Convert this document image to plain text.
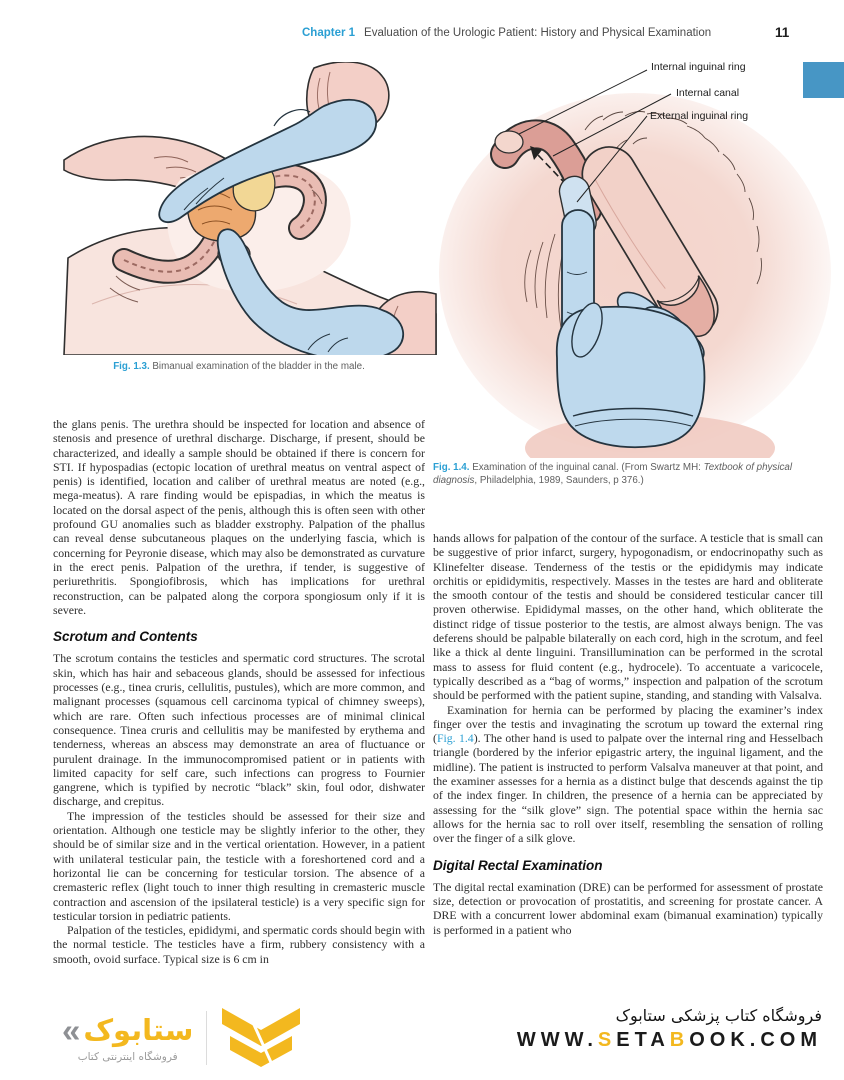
Chapter 1 Evaluation of the Urologic Patient: History and Physical Examination	11
Fig. 1.3. Bimanual examination of the bladder in the male.
Internal inguinal ring
Internal canal
External inguinal ring
Fig. 1.4. Examination of the inguinal canal. (From Swartz MH: Textbook of physical diagnosis, Philadelphia, 1989, Saunders, p 376.)

the glans penis. The urethra should be inspected for location and absence of stenosis and presence of urethral discharge. Discharge, if present, should be characterized, and ideally a sample should be obtained if there is concern for STI. If hypospadias (ectopic location of urethral meatus on ventral aspect of penis) is identified, location and caliber of urethral meatus are noted (e.g., mega-meatus). A rare finding would be epispadias, in which the meatus is located on the dorsal aspect of the penis, although this is often seen with other profound GU anomalies such as bladder exstrophy. Palpation of the phallus can reveal dense subcutaneous plaques on the underlying fascia, which is concerning for Peyronie disease, which may also be demonstrated as curvature in the erect penis. Palpation of the urethra, if tender, is suggestive of periurethritis. Spongiofibrosis, which has implications for urethral reconstruction, can be palpated along the corpora spongiosum only if it is severe.

Scrotum and Contents

The scrotum contains the testicles and spermatic cord structures. The scrotal skin, which has hair and sebaceous glands, should be assessed for infectious processes (e.g., tinea cruris, cellulitis, pustules), which are more common, and malignant processes (squamous cell carcinoma typical of chimney sweeps), which are rare. Often such infectious processes are of minimal clinical consequence. Tinea cruris and cellulitis may be manifested by erythema and tenderness, whereas an abscess may demonstrate an area of fluctuance or purulent drainage. In the immunocompromised patient or in patients with limited capacity for self care, such infections can progress to Fournier gangrene, which is typified by necrotic “black” skin, foul odor, dishwater discharge, and crepitus.

The impression of the testicles should be assessed for their size and orientation. Although one testicle may be slightly inferior to the other, they should be of similar size and in the vertical orientation. However, in a patient with unilateral testicular pain, the testicle with a foreshortened cord and a horizontal lie can be concerning for testicular torsion. The absence of a cremasteric reflex (light touch to inner thigh resulting in cremasteric muscle contraction and ascension of the ipsilateral testicle) is a very specific sign for testicular torsion in pediatric patients.

Palpation of the testicles, epididymi, and spermatic cords should begin with the normal testicle. The testicles have a firm, rubbery consistency with a smooth, ovoid surface. Typical size is 6 cm in

hands allows for palpation of the contour of the surface. A testicle that is small can be suggestive of prior infarct, surgery, hypogonadism, or endocrinopathy such as Klinefelter disease. Tenderness of the testis or the epididymis may indicate orchitis or epididymitis, respectively. Masses in the testes are hard and obliterate the smooth contour of the testis and should be considered testicular cancer till proven otherwise. Epididymal masses, on the other hand, which obliterate the distinct ridge of tissue posterior to the testis, are almost always benign. The vas deferens should be palpable bilaterally on each cord, high in the scrotum, and feel like a thick al dente linguini. Transillumination can be performed in the scrotal mass to assess for fluid content (e.g., hydrocele). To accentuate a varicocele, typically described as a “bag of worms,” inspection and palpation of the scrotum should be performed with the patient supine, standing, and standing with Valsalva.

Examination for hernia can be performed by placing the examiner’s index finger over the testis and invaginating the scrotum up toward the external ring (Fig. 1.4). The other hand is used to palpate over the internal ring and Hesselbach triangle (bordered by the inferior epigastric artery, the inguinal ligament, and the midline). The patient is instructed to perform Valsalva maneuver at that point, and the examiner assesses for a hernia as a distinct bulge that descends against the tip of the index finger. In children, the presence of a hernia can be appreciated by assessing for the “silk glove” sign. The potential space within the hernia sac allows for the hernia sac to roll over itself, resembling the sensation of rolling over the finger of a silk glove.

Digital Rectal Examination

The digital rectal examination (DRE) can be performed for assessment of prostate size, detection or provocation of prostatitis, and screening for prostate cancer. A DRE with a concurrent lower abdominal exam (bimanual examination) typically is performed in a patient who

« ستابوک
فروشگاه اینترنتی کتاب
فروشگاه کتاب پزشکی ستابوک
WWW.SETABOOK.COM
